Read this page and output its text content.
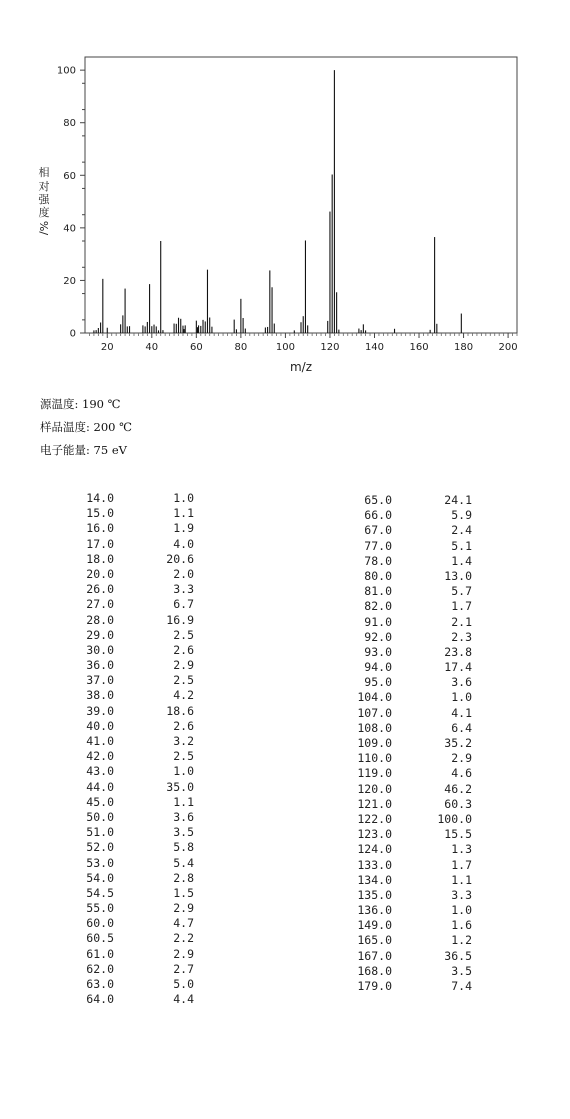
0
20
40
60
80
100
20	40	60	80	100	120	140	160	180	200
相
对
强
度
%/
m/z
源温度: 190 ℃
样品温度: 200 ℃
电子能量: 75 eV
14.0	1.0
15.0	1.1
16.0	1.9
17.0	4.0
18.0	20.6
20.0	2.0
26.0	3.3
27.0	6.7
28.0	16.9
29.0	2.5
30.0	2.6
36.0	2.9
37.0	2.5
38.0	4.2
39.0	18.6
40.0	2.6
41.0	3.2
42.0	2.5
43.0	1.0
44.0	35.0
45.0	1.1
50.0	3.6
51.0	3.5
52.0	5.8
53.0	5.4
54.0	2.8
54.5	1.5
55.0	2.9
60.0	4.7
60.5	2.2
61.0	2.9
62.0	2.7
63.0	5.0
64.0	4.4
65.0	24.1
66.0	5.9
67.0	2.4
77.0	5.1
78.0	1.4
80.0	13.0
81.0	5.7
82.0	1.7
91.0	2.1
92.0	2.3
93.0	23.8
94.0	17.4
95.0	3.6
104.0	1.0
107.0	4.1
108.0	6.4
109.0	35.2
110.0	2.9
119.0	4.6
120.0	46.2
121.0	60.3
122.0	100.0
123.0	15.5
124.0	1.3
133.0	1.7
134.0	1.1
135.0	3.3
136.0	1.0
149.0	1.6
165.0	1.2
167.0	36.5
168.0	3.5
179.0	7.4
